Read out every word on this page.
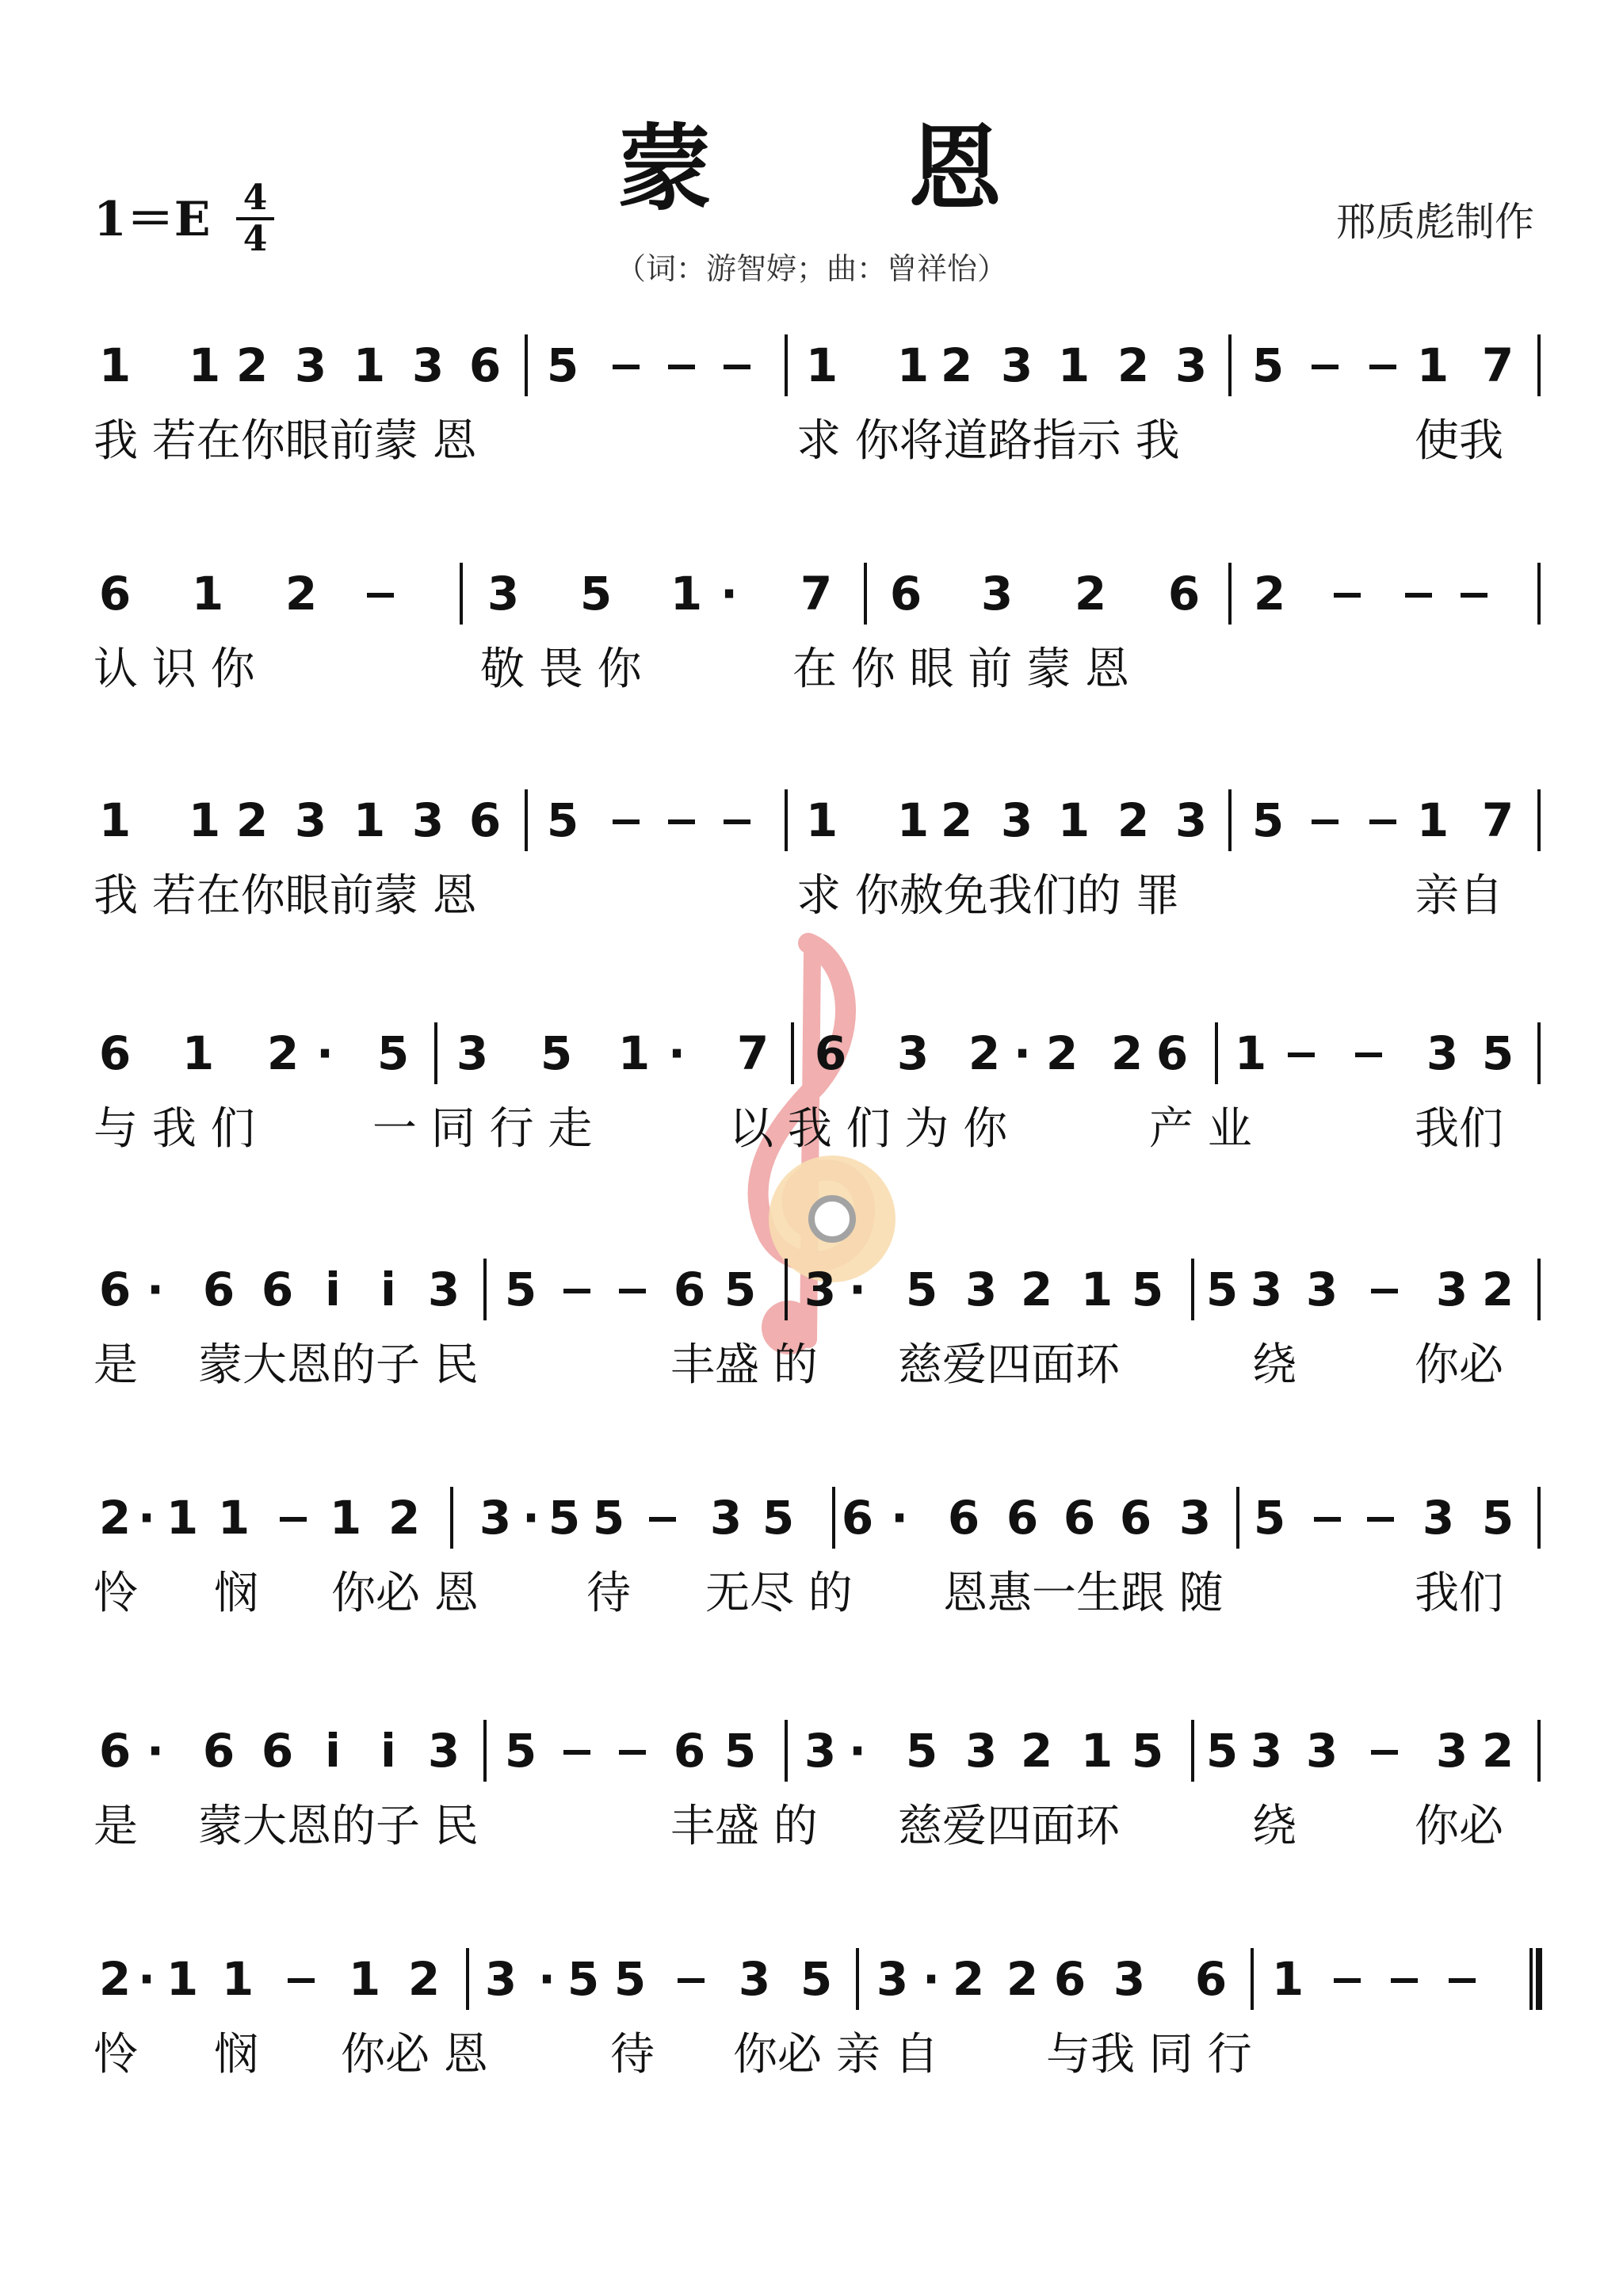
蒙　　恩
$1=E \frac{4}{4}$
（词：游智婷；曲：曾祥怡）
邢质彪制作
1 1 2 3 1 3 6 5	1 1 2 3 1 2 3 5	1 7
我 若在你眼前蒙 恩	求 你将道路指示 我	使我
6 1 2	3 5 1 · 7 6 3 2 6 2
认 识 你	敬 畏 你	在 你 眼 前 蒙 恩
1 1 2 3 1 3 6 5	1 1 2 3 1 2 3 5	1 7
我 若在你眼前蒙 恩	求 你赦免我们的 罪	亲自
6 1 2 · 5 3 5 1 · 7 6 3 2 · 2 2 6 1	3 5
与 我 们	一 同 行 走	以 我 们 为 你	产 业	我们
6 · 6 6 i i 3 5	6 5 3 · 5 3 2 1 5 5 3 3 3 2
是 蒙大恩的子 民	丰盛 的 慈爱四面环	绕	你必
2 · 1 1 1 2 3 · 5 5 3 5 6 · 6 6 6 6 3 5	3 5
怜 悯 你必 恩 待 无尽 的 恩惠一生跟 随	我们
6 · 6 6 i i 3 5	6 5 3 · 5 3 2 1 5 5 3 3 3 2
是 蒙大恩的子 民	丰盛 的 慈爱四面环	绕	你必
2 · 1 1 1 2 3 · 5 5 3 5 3 · 2 2 6 3 6 1
怜 悯 你必 恩	待 你必 亲 自 与我 同 行
